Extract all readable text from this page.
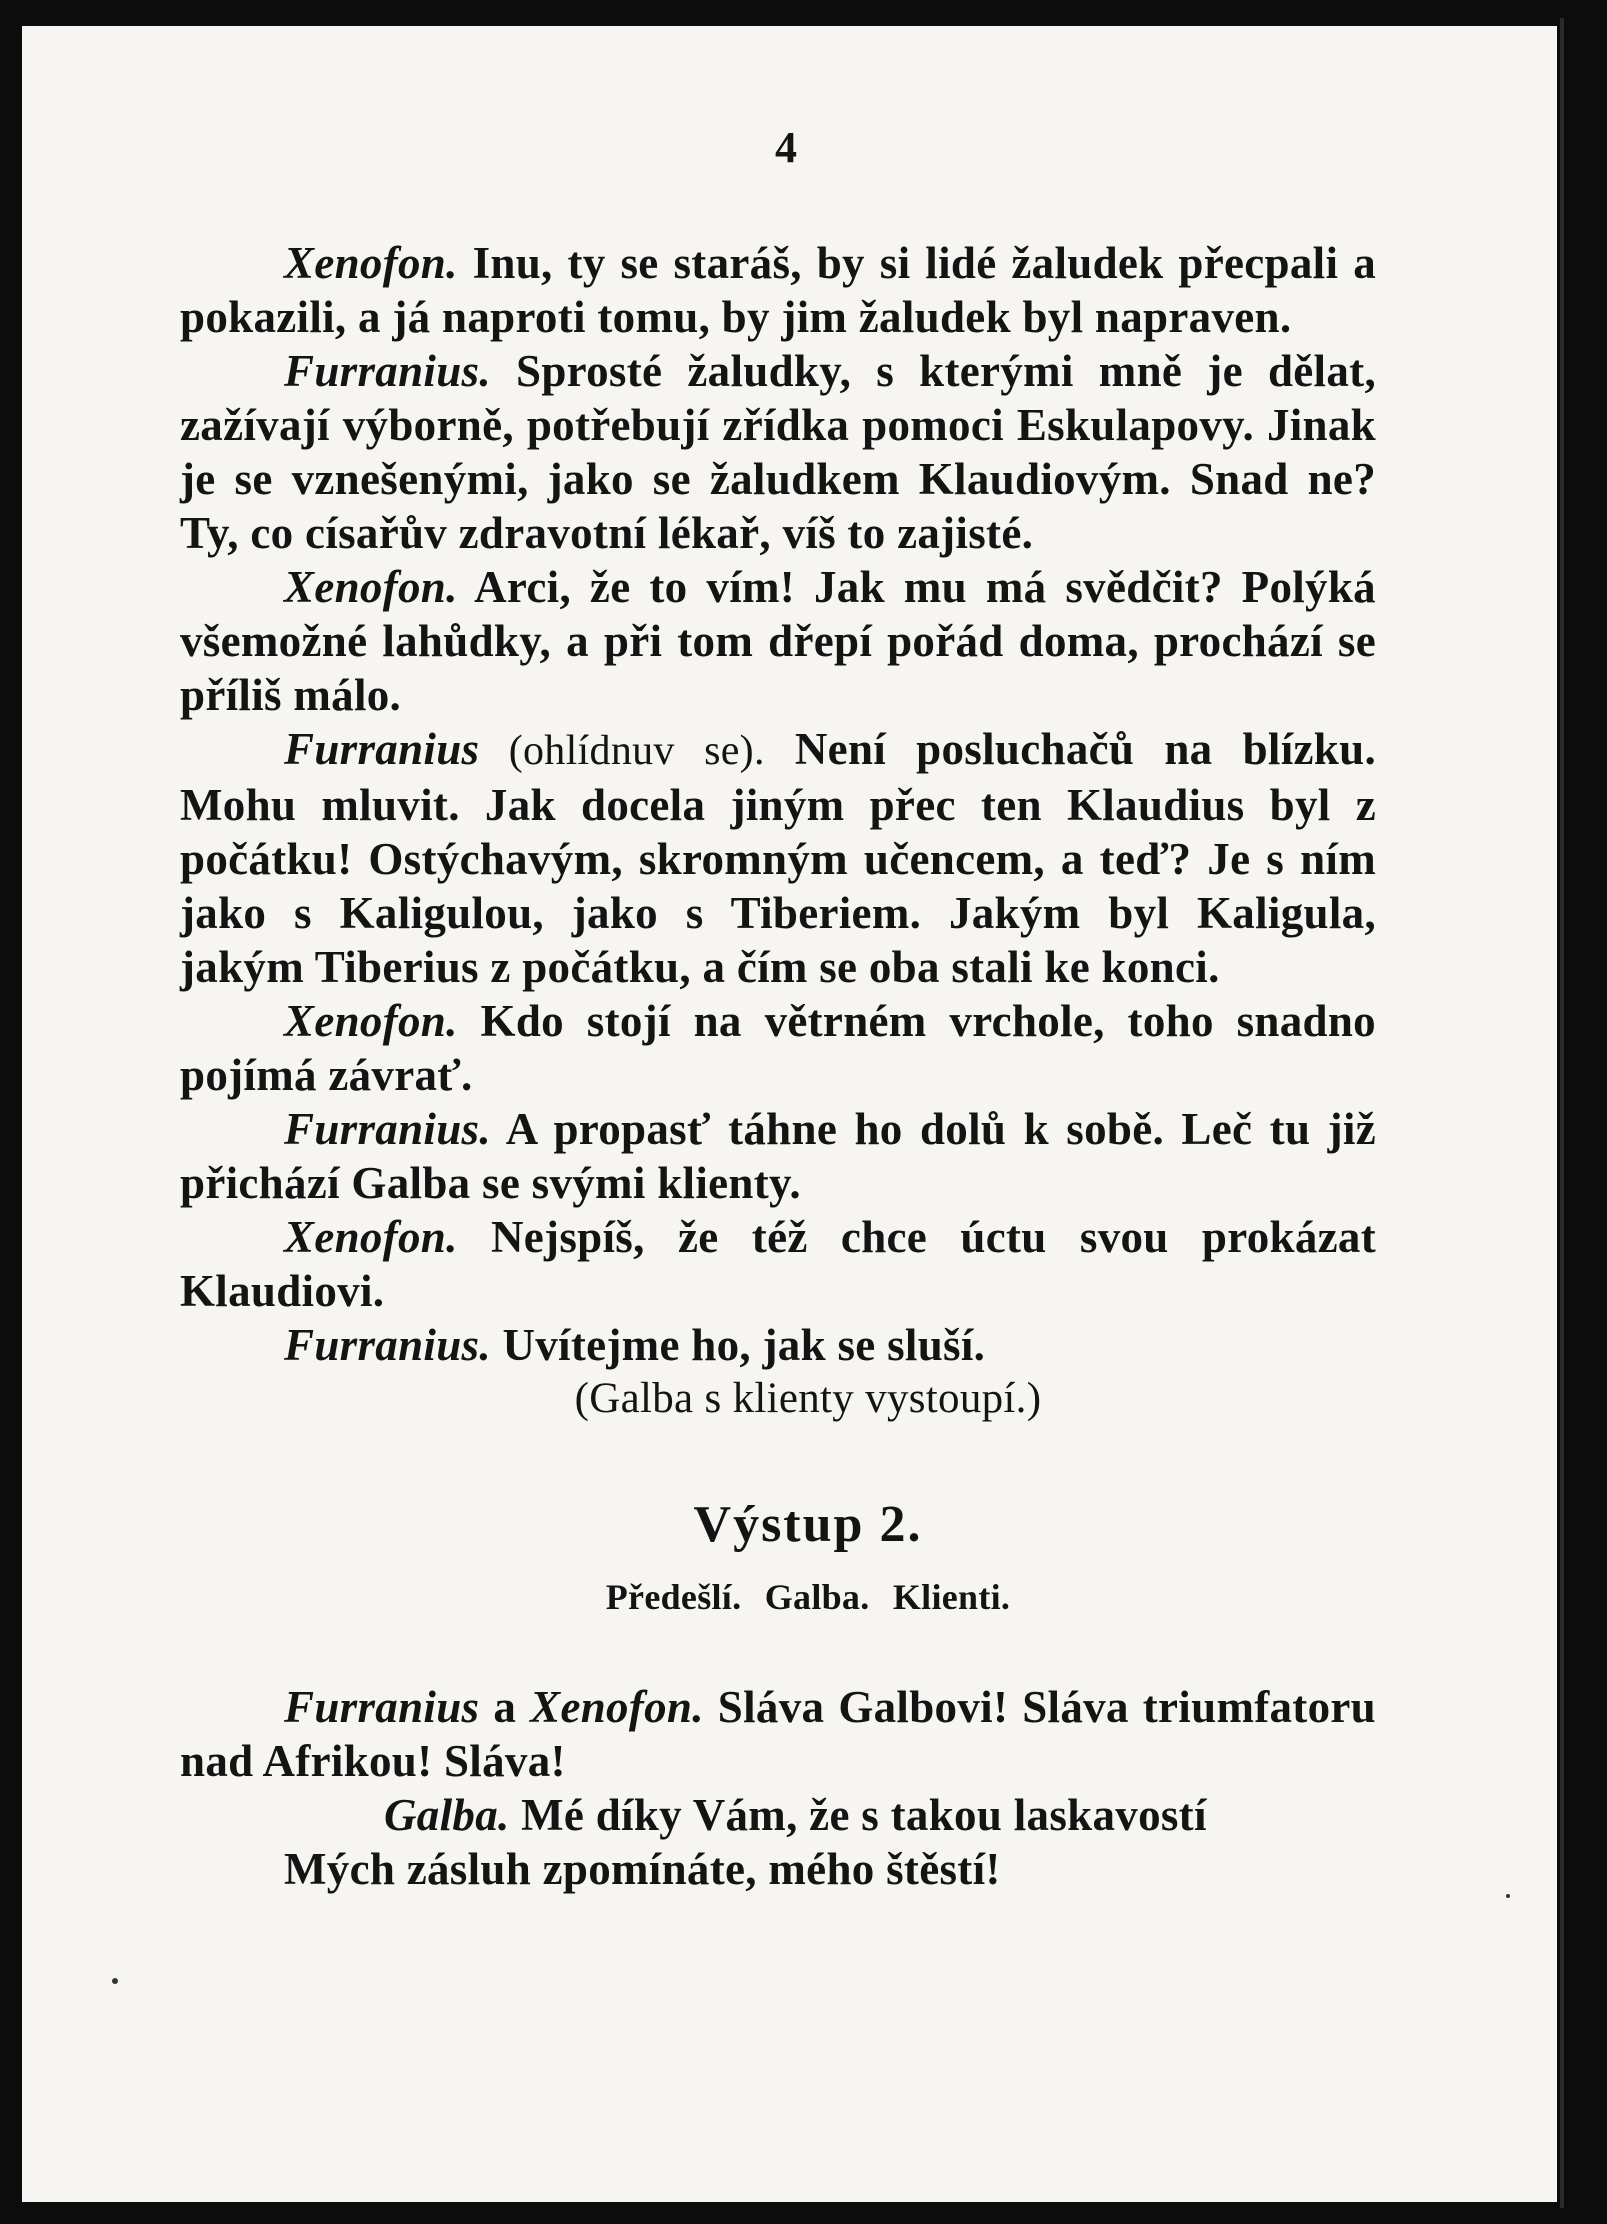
4

Xenofon. Inu, ty se staráš, by si lidé žaludek přecpali a pokazili, a já naproti tomu, by jim žaludek byl napraven.

Furranius. Sprosté žaludky, s kterými mně je dělat, zažívají výborně, potřebují zřídka pomoci Eskulapovy. Jinak je se vznešenými, jako se žaludkem Klaudiovým. Snad ne? Ty, co císařův zdravotní lékař, víš to zajisté.

Xenofon. Arci, že to vím! Jak mu má svědčit? Polýká všemožné lahůdky, a při tom dřepí pořád doma, prochází se příliš málo.

Furranius (ohlídnuv se). Není posluchačů na blízku. Mohu mluvit. Jak docela jiným přec ten Klaudius byl z počátku! Ostýchavým, skromným učencem, a teď? Je s ním jako s Kaligulou, jako s Tiberiem. Jakým byl Kaligula, jakým Tiberius z počátku, a čím se oba stali ke konci.

Xenofon. Kdo stojí na větrném vrchole, toho snadno pojímá závrať.

Furranius. A propasť táhne ho dolů k sobě. Leč tu již přichází Galba se svými klienty.

Xenofon. Nejspíš, že též chce úctu svou prokázat Klaudiovi.

Furranius. Uvítejme ho, jak se sluší.

(Galba s klienty vystoupí.)

Výstup 2.

Předešlí. Galba. Klienti.

Furranius a Xenofon. Sláva Galbovi! Sláva triumfatoru nad Afrikou! Sláva!

Galba. Mé díky Vám, že s takou laskavostí
Mých zásluh zpomínáte, mého štěstí!
